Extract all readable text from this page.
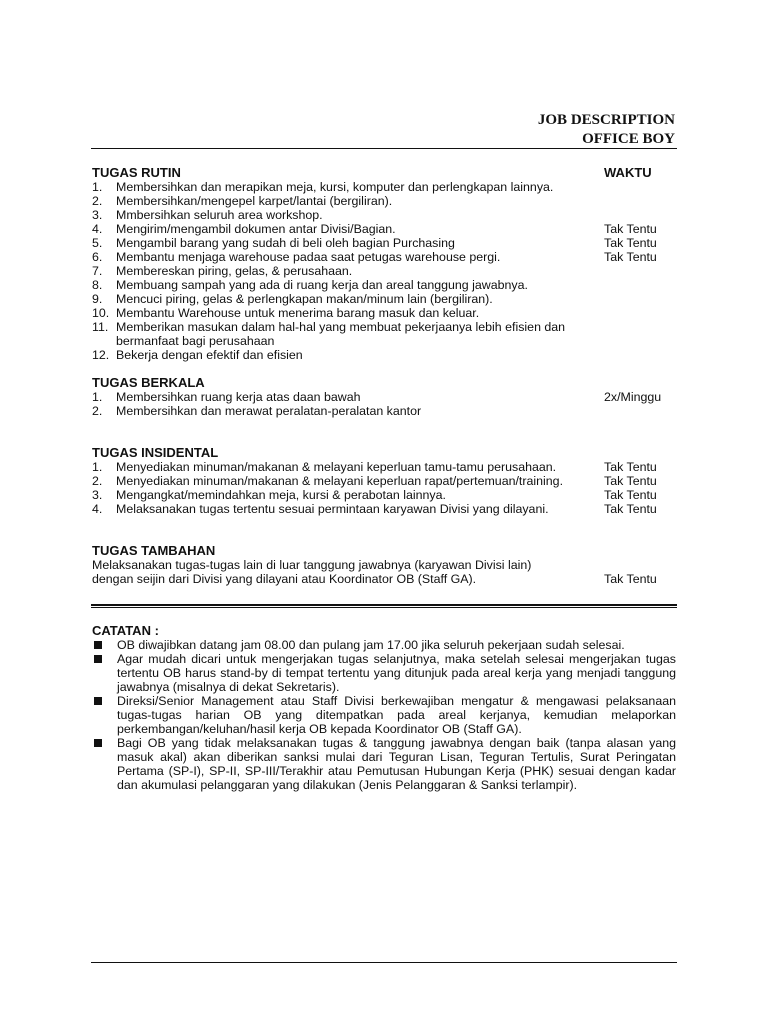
JOB DESCRIPTION
OFFICE BOY
TUGAS RUTIN	WAKTU
1.	Membersihkan dan merapikan meja, kursi, komputer dan perlengkapan lainnya.
2.	Membersihkan/mengepel karpet/lantai (bergiliran).
3.	Mmbersihkan seluruh area workshop.
4.	Mengirim/mengambil dokumen antar Divisi/Bagian.	Tak Tentu
5.	Mengambil barang yang sudah di beli oleh bagian Purchasing	Tak Tentu
6.	Membantu menjaga warehouse padaa saat petugas warehouse pergi.	Tak Tentu
7.	Membereskan piring, gelas, & perusahaan.
8.	Membuang sampah yang ada di ruang kerja dan areal tanggung jawabnya.
9.	Mencuci piring, gelas & perlengkapan makan/minum lain (bergiliran).
10. Membantu Warehouse untuk menerima barang masuk dan keluar.
11. Memberikan masukan dalam hal-hal yang membuat pekerjaanya lebih efisien dan bermanfaat bagi perusahaan
12. Bekerja dengan efektif dan efisien
TUGAS BERKALA
1.	Membersihkan ruang kerja atas daan bawah	2x/Minggu
2.	Membersihkan dan merawat peralatan-peralatan kantor
TUGAS INSIDENTAL
1.	Menyediakan minuman/makanan & melayani keperluan tamu-tamu perusahaan.	Tak Tentu
2.	Menyediakan minuman/makanan & melayani keperluan rapat/pertemuan/training.	Tak Tentu
3.	Mengangkat/memindahkan meja, kursi & perabotan lainnya.	Tak Tentu
4.	Melaksanakan tugas tertentu sesuai permintaan karyawan Divisi yang dilayani.	Tak Tentu
TUGAS TAMBAHAN
Melaksanakan tugas-tugas lain di luar tanggung jawabnya (karyawan Divisi lain)
dengan seijin dari Divisi yang dilayani atau Koordinator OB (Staff GA).	Tak Tentu
CATATAN :
OB diwajibkan datang jam 08.00 dan pulang jam 17.00 jika seluruh pekerjaan sudah selesai.
Agar mudah dicari untuk mengerjakan tugas selanjutnya, maka setelah selesai mengerjakan tugas tertentu OB harus stand-by di tempat tertentu yang ditunjuk pada areal kerja yang menjadi tanggung jawabnya (misalnya di dekat Sekretaris).
Direksi/Senior Management atau Staff Divisi berkewajiban mengatur & mengawasi pelaksanaan tugas-tugas harian OB yang ditempatkan pada areal kerjanya, kemudian melaporkan perkembangan/keluhan/hasil kerja OB kepada Koordinator OB (Staff GA).
Bagi OB yang tidak melaksanakan tugas & tanggung jawabnya dengan baik (tanpa alasan yang masuk akal) akan diberikan sanksi mulai dari Teguran Lisan, Teguran Tertulis, Surat Peringatan Pertama (SP-I), SP-II, SP-III/Terakhir atau Pemutusan Hubungan Kerja (PHK) sesuai dengan kadar dan akumulasi pelanggaran yang dilakukan (Jenis Pelanggaran & Sanksi terlampir).
